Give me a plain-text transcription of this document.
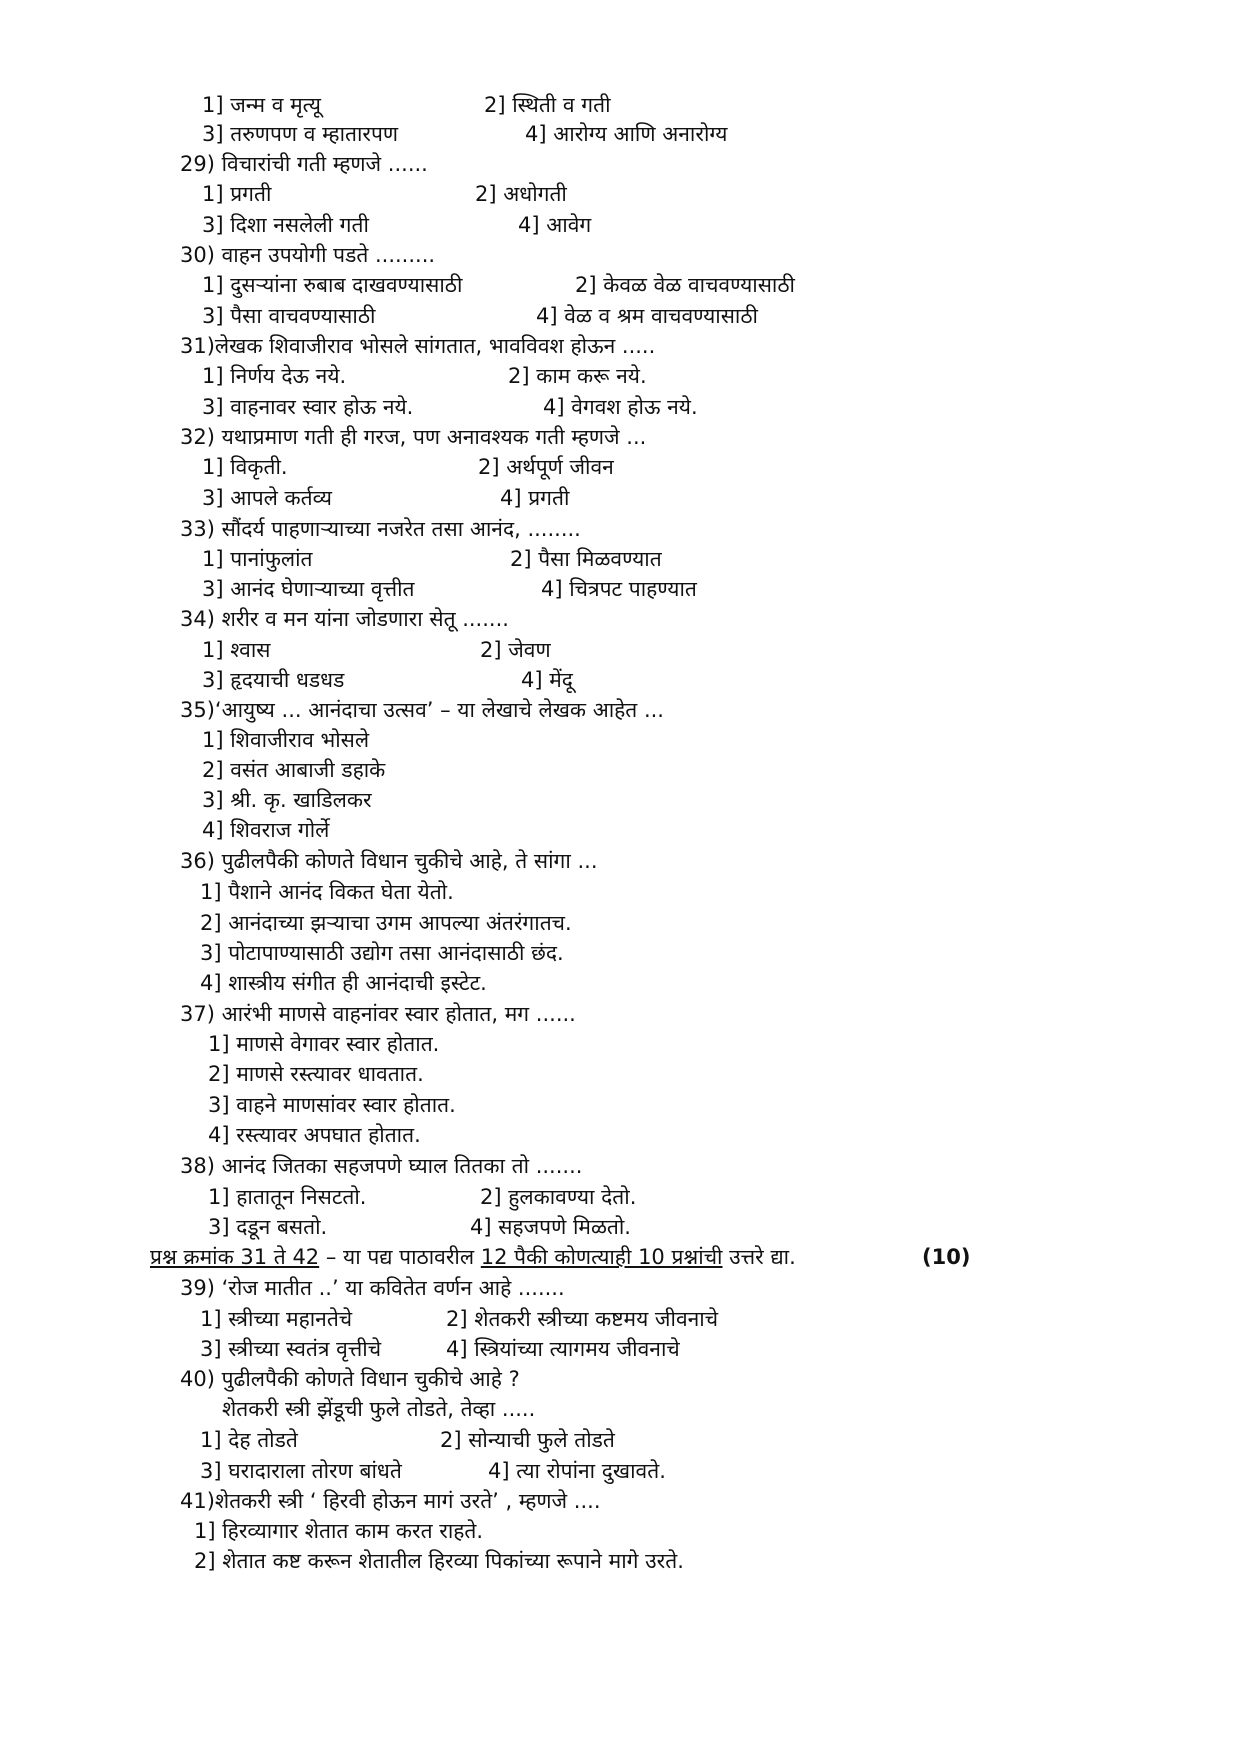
1] जन्म व मृत्यू	2] स्थिती व गती
3] तरुणपण व म्हातारपण	4] आरोग्य आणि अनारोग्य
29) विचारांची गती म्हणजे ......
1] प्रगती	2] अधोगती
3] दिशा नसलेली गती	4] आवेग
30) वाहन उपयोगी पडते .........
1] दुसऱ्यांना रुबाब दाखवण्यासाठी	2] केवळ वेळ वाचवण्यासाठी
3] पैसा वाचवण्यासाठी	4] वेळ व श्रम वाचवण्यासाठी
31)लेखक शिवाजीराव भोसले सांगतात, भावविवश होऊन .....
1] निर्णय देऊ नये.	2] काम करू नये.
3] वाहनावर स्वार होऊ नये.	4] वेगवश होऊ नये.
32) यथाप्रमाण गती ही गरज, पण अनावश्यक गती म्हणजे ...
1] विकृती.	2] अर्थपूर्ण जीवन
3] आपले कर्तव्य	4] प्रगती
33) सौंदर्य पाहणाऱ्याच्या नजरेत तसा आनंद, ........
1] पानांफुलांत	2] पैसा मिळवण्यात
3] आनंद घेणाऱ्याच्या वृत्तीत	4] चित्रपट पाहण्यात
34) शरीर व मन यांना जोडणारा सेतू .......
1] श्वास	2] जेवण
3] हृदयाची धडधड	4] मेंदू
35)‘आयुष्य ... आनंदाचा उत्सव’ – या लेखाचे लेखक आहेत ...
1] शिवाजीराव भोसले
2] वसंत आबाजी डहाके
3] श्री. कृ. खाडिलकर
4] शिवराज गोर्ले
36) पुढीलपैकी कोणते विधान चुकीचे आहे, ते सांगा ...
1] पैशाने आनंद विकत घेता येतो.
2] आनंदाच्या झऱ्याचा उगम आपल्या अंतरंगातच.
3] पोटापाण्यासाठी उद्योग तसा आनंदासाठी छंद.
4] शास्त्रीय संगीत ही आनंदाची इस्टेट.
37) आरंभी माणसे वाहनांवर स्वार होतात, मग ......
1] माणसे वेगावर स्वार होतात.
2] माणसे रस्त्यावर धावतात.
3] वाहने माणसांवर स्वार होतात.
4] रस्त्यावर अपघात होतात.
38) आनंद जितका सहजपणे घ्याल तितका तो .......
1] हातातून निसटतो.	2] हुलकावण्या देतो.
3] दडून बसतो.	4] सहजपणे मिळतो.
प्रश्न क्रमांक 31 ते 42 – या पद्य पाठावरील 12 पैकी कोणत्याही 10 प्रश्नांची उत्तरे द्या.	(10)
39) ‘रोज मातीत ..’ या कवितेत वर्णन आहे .......
1] स्त्रीच्या महानतेचे	2] शेतकरी स्त्रीच्या कष्टमय जीवनाचे
3] स्त्रीच्या स्वतंत्र वृत्तीचे	4] स्त्रियांच्या त्यागमय जीवनाचे
40) पुढीलपैकी कोणते विधान चुकीचे आहे ?
शेतकरी स्त्री झेंडूची फुले तोडते, तेव्हा .....
1] देह तोडते	2] सोन्याची फुले तोडते
3] घरादाराला तोरण बांधते	4] त्या रोपांना दुखावते.
41)शेतकरी स्त्री ‘ हिरवी होऊन मागं उरते’ , म्हणजे ....
1] हिरव्यागार शेतात काम करत राहते.
2] शेतात कष्ट करून शेतातील हिरव्या पिकांच्या रूपाने मागे उरते.
